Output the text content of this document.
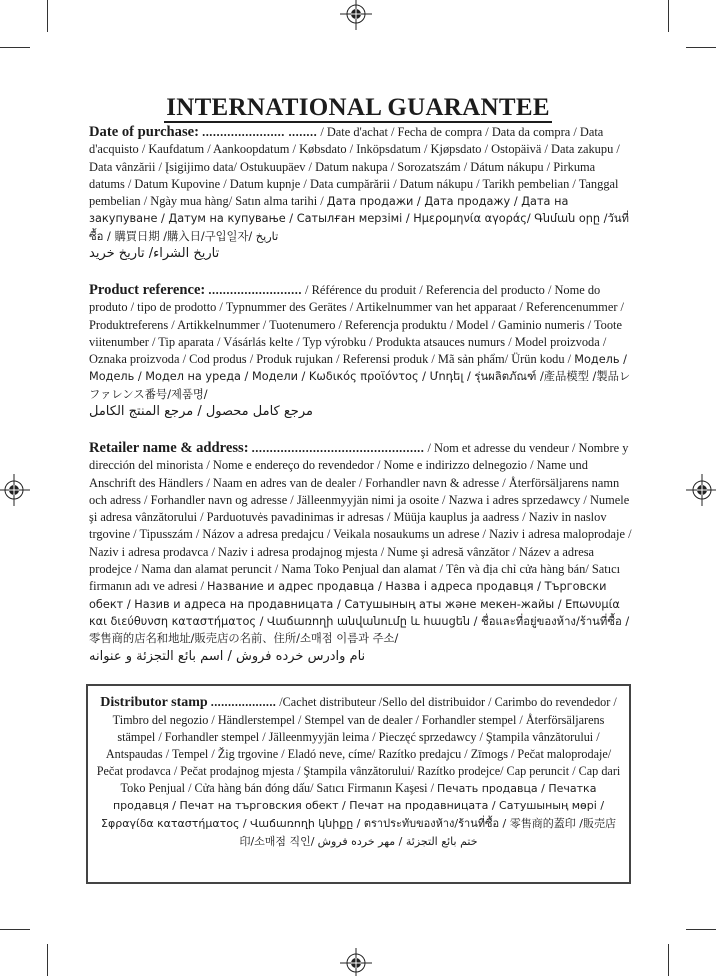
INTERNATIONAL GUARANTEE
Date of purchase: ....................... ........ / Date d'achat / Fecha de compra / Data da compra / Data d'acquisto / Kaufdatum / Aankoopdatum / Købsdato / Inköpsdatum / Kjøpsdato / Ostopäivä / Data zakupu / Data vânzării / Įsigijimo data/ Ostukuupäev / Datum nakupa / Sorozatszám / Dátum nákupu / Pirkuma datums / Datum Kupovine / Datum kupnje / Data cumpărării / Datum nákupu / Tarikh pembelian / Tanggal pembelian / Ngày mua hàng/ Satın alma tarihi / Дата продажи / Дата продажу / Дата на закупуване / Датум на купување / Сатылған мерзімі / Ημερομηνία αγοράς/ Գնման օրը /วันที่ซื้อ / 購買日期 /購入日/구입일자/ تاريخ
تاريخ الشراء/ تاريخ خريد
Product reference: .......................... / Référence du produit / Referencia del producto / Nome do produto / tipo de prodotto / Typnummer des Gerätes / Artikelnummer van het apparaat / Referencenummer / Produktreferens / Artikkelnummer / Tuotenumero / Referencja produktu / Model / Gaminio numeris / Toote viitenumber / Tip aparata / Vásárlás kelte / Typ výrobku / Produkta atsauces numurs / Model proizvoda / Oznaka proizvoda / Cod produs / Produk rujukan / Referensi produk / Mã sản phẩm/ Ürün kodu / Модель / Модель / Модел на уреда / Модели / Κωδικός προϊόντος / Մոդել / รุ่นผลิตภัณฑ์ /產品模型 /製品レファレンス番号/제품명/
مرجع كامل محصول / مرجع المنتج الكامل
Retailer name & address: ................................................ / Nom et adresse du vendeur / Nombre y dirección del minorista / Nome e endereço do revendedor / Nome e indirizzo delnegozio / Name und Anschrift des Händlers / Naam en adres van de dealer / Forhandler navn & adresse / Återförsäljarens namn och adress / Forhandler navn og adresse / Jälleenmyyjän nimi ja osoite / Nazwa i adres sprzedawcy / Numele şi adresa vânzătorului / Parduotuvės pavadinimas ir adresas / Müüja kauplus ja aadress / Naziv in naslov trgovine / Tipusszám / Názov a adresa predajcu / Veikala nosaukums un adrese / Naziv i adresa maloprodaje / Naziv i adresa prodavca / Naziv i adresa prodajnog mjesta / Nume şi adresă vânzător / Název a adresa prodejce / Nama dan alamat peruncit / Nama Toko Penjual dan alamat / Tên và địa chỉ cửa hàng bán/ Satıcı firmanın adı ve adresi / Название и адрес продавца / Назва і адреса продавця / Търговски обект / Назив и адреса на продавницата / Сатушының аты және мекен-жайы / Επωνυμία και διεύθυνση καταστήματος / Վաճառողի անվանումը և հասցեն / ชื่อและที่อยู่ของห้าง/ร้านที่ซื้อ /零售商的店名和地址/販売店の名前、住所/소매점 이름과 주소/
نام وادرس خرده فروش / اسم بائع التجزئة و عنوانه
Distributor stamp ................... /Cachet distributeur /Sello del distribuidor / Carimbo do revendedor / Timbro del negozio / Händlerstempel / Stempel van de dealer / Forhandler stempel / Återförsäljarens stämpel / Forhandler stempel / Jälleenmyyjän leima / Pieczęć sprzedawcy / Ştampila vânzătorului / Antspaudas / Tempel / Žig trgovine / Eladó neve, címe/ Razítko predajcu / Zīmogs / Pečat maloprodaje/ Pečat prodavca / Pečat prodajnog mjesta / Ştampila vânzătorului/ Razítko prodejce/ Cap peruncit / Cap dari Toko Penjual / Cửa hàng bán đóng dấu/ Satıcı Firmanın Kaşesi / Печать продавца / Печатка продавця / Печат на търговския обект / Печат на продавницата / Сатушының мөрі / Σφραγίδα καταστήματος / Վաճառողի կնիքը / ตราประทับของห้าง/ร้านที่ซื้อ / 零售商的蓋印 /販売店印/소매점 직인/ ختم بائع التجزئة / مهر خرده فروش
